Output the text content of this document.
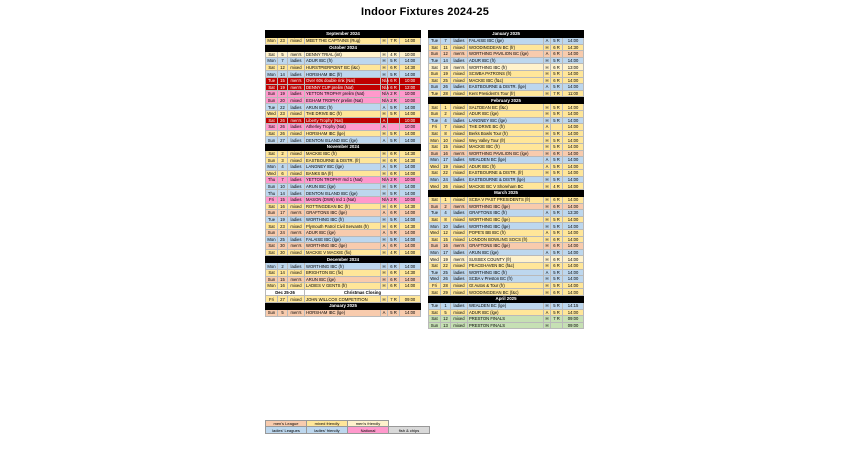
Indoor Fixtures 2024-25
September 2024						
Mon	23	mixed	MEET THE CAPTAINS (Rug)	H	7 R	14:00
October 2024						
Sat	5	men's	DENNY TRIAL (int)	H	4 R	10:00
Mon	7	ladies	ADUR IBC (fr)	H	5 R	14:00
Sat	12	mixed	HURSTPIERPOINT BC (l&c)	H	6 R	14:30
Mon	14	ladies	HORSHAM IBC (fr)	H	5 R	14:00
Tue	15	men's	Over 60s double rink (Nat)	N/A	6 R	10:00
Sat	19	men's	DENNY CUP prelim (Nat)	N/A	6 R	12:00
Sun	19	ladies	YETTON TROPHY prelim (Nat)	N/A	2 R	10:00
Sun	20	mixed	EGHAM TROPHY prelim (Nat)	N/A	2 R	10:00
Tue	22	ladies	ARUN IBC (fr)	A	5 R	14:00
Wed	23	mixed	THE DRIVE BC (fr)	H	5 R	14:00
Sat	26	men's	Liberty Trophy (Nat)	A		10:00
Sat	26	ladies	Atherley Trophy (Nat)	A		10:00
Sat	26	mixed	HORSHAM IBC (lge)	H	5 R	14:00
Sun	27	ladies	DENTON ISLAND IBC (lge)	A	5 R	14:00
November 2024						
Sat	2	mixed	MACKIE IBC (fr)	H	6 R	14:30
Sun	3	mixed	EASTBOURNE & DISTR. (fr)	H	6 R	14:30
Mon	4	ladies	LANGNEY IBC (lge)	A	5 R	14:00
Wed	6	mixed	BANKS BA (fr)	H	6 R	14:00
Thu	7	ladies	YETTON TROPHY rnd 1 (Nat)	N/A	2 R	10:00
Sun	10	ladies	ARUN IBC (lge)	H	5 R	14:00
Thu	14	ladies	DENTON ISLAND IBC (lge)	H	5 R	14:00
Fri	15	ladies	MASON (DW6) rnd 1 (Nat)	N/A	2 R	10:00
Sat	16	mixed	ROTTINGDEAN BC (fr)	H	6 R	14:30
Sun	17	men's	GRAFTONS IBC (lge)	A	6 R	14:00
Tue	19	ladies	WORTHING IBC (fr)	H	5 R	14:00
Sat	23	mixed	Plymouth Patrol Civil Servants (fr)	H	6 R	14:30
Sun	24	men's	ADUR IBC (lge)	A	5 R	14:00
Mon	25	ladies	FALAISE IBC (lge)	H	5 R	14:00
Sat	30	men's	WORTHING IBC (lge)	A	6 R	14:00
Sat	30	mixed	MACKIE V MACKIE (fix)	H	4 R	14:00
December 2024						
Mon	2	ladies	WORTHING IBC (fr)	H	6 R	14:00
Sat	14	mixed	BRIGHTON BC (fix)	H	6 R	14:30
Sun	15	men's	ARUN IBC (lge)	H	6 R	14:00
Mon	16	mixed	LADIES V GENTS (fr)	H	6 R	14:00
Dec 25-26			Christmas Closing			
Fri	27	mixed	JOHN WILLCOX COMPETITION	H	7 R	09:00
January 2025						
Sun	5	men's	HORSHAM IBC (lge)	A	5 R	14:00
January 2025						
Tue	7	ladies	FALAISE IBC (lge)	A	5 R	14:00
Sat	11	mixed	WOODINGDEAN BC (fr)	H	6 R	14:30
Sun	12	men's	WORTHING PAVILION BC (lge)	A	6 R	14:00
Tue	14	ladies	ADUR IBC (fr)	H	5 R	14:00
Sat	18	men's	WORTHING IBC (fr)	H	6 R	13:00
Sun	19	mixed	SCWBA PATRONS (fr)	H	5 R	14:00
Sat	25	mixed	MACKIE IBC (f&c)	H	6 R	14:00
Sun	26	ladies	EASTBOURNE & DISTR. (lge)	A	5 R	14:00
Tue	28	mixed	Kent President's Tour (fr)	H	7 R	11:00
February 2025						
Sat	1	mixed	SALTDEAN BC (f&c)	H	5 R	14:00
Sun	2	mixed	ADUR IBC (lge)	H	5 R	14:00
Tue	4	ladies	LANGNEY IBC (lge)	H	5 R	14:00
Fri	7	mixed	THE DRIVE BC (fr)	A		14:00
Sat	8	mixed	Berks Bowls Tour (fr)	H	5 R	14:00
Mon	10	mixed	Wey Valley Tour (fr)	H	5 R	14:00
Sat	15	mixed	MACKIE IBC (fr)	H	5 R	14:00
Sun	16	men's	WORTHING PAVILION BC (lge)	H	6 R	14:00
Mon	17	ladies	WEALDEN BC (lge)	A	5 R	14:00
Wed	19	mixed	ADUR IBC (fr)	A	5 R	14:00
Sat	22	mixed	EASTBOURNE & DISTR. (fr)	H	5 R	14:00
Mon	24	ladies	EASTBOURNE & DISTR (lge)	H	5 R	14:00
Wed	26	mixed	MACKIE BC V Shoreham BC	H	4 R	14:00
March 2025						
Sat	1	mixed	SCBA V PAST PRESIDENTS (fr)	H	6 R	14:00
Sun	2	men's	WORTHING IBC (lge)	H	6 R	14:00
Tue	4	ladies	GRAFTONS IBC (fr)	A	5 R	13:30
Sat	8	mixed	WORTHING IBC (lge)	H	5 R	14:00
Mon	10	ladies	WORTHING IBC (lge)	H	5 R	14:00
Wed	12	mixed	POPE'S BB IBC (fr)	A	5 R	14:00
Sat	15	mixed	LONDON BOWLING SOCS (fr)	H	6 R	14:00
Sun	16	men's	GRAFTONS IBC (lge)	H	6 R	14:00
Mon	17	ladies	ARUN IBC (lge)	A	5 R	14:00
Wed	19	men's	SUSSEX COUNTY (fr)	H	6 R	14:00
Sat	22	mixed	PEACEHAVEN BC (f&c)	H	6 R	14:00
Tue	25	ladies	WORTHING IBC (fr)	A	5 R	14:00
Wed	26	ladies	SCBA v Preston BC (fr)	H	5 R	14:00
Fri	28	mixed	Gt Autos & Tour (fr)	H	5 R	14:00
Sat	29	mixed	WOODINGDEAN BC (f&c)	H	6 R	14:00
April 2025						
Tue	1	ladies	WEALDEN BC (lge)	H	5 R	14:15
Sat	5	mixed	ADUR IBC (lge)	A	5 R	14:00
Sat	12	mixed	PRESTON FINALS	H	7 R	09:00
Sun	13	mixed	PRESTON FINALS	H		09:00
men's League	mixed friendly	men's friendly	
ladies' Leagues	ladies' friendly	National	fish & chips
